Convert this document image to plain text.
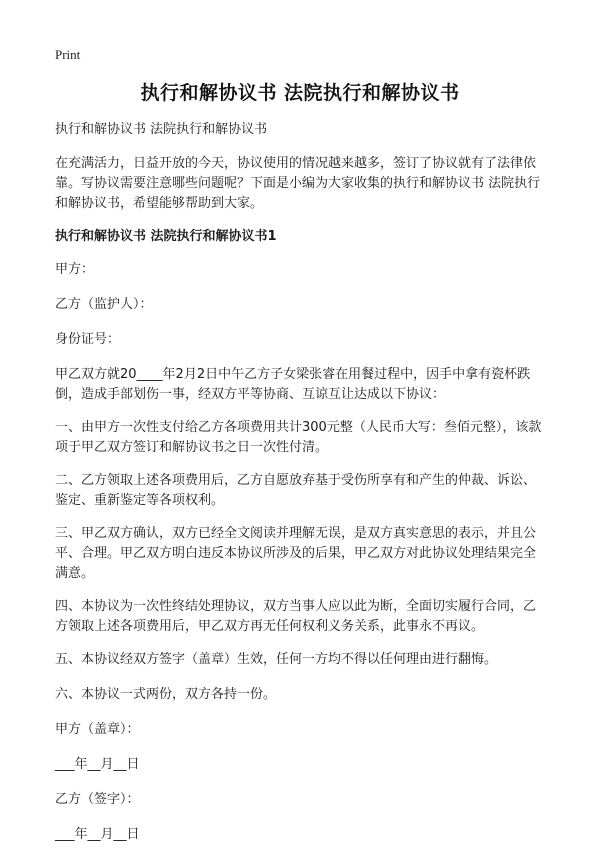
Print
执行和解协议书 法院执行和解协议书

执行和解协议书 法院执行和解协议书

在充满活力，日益开放的今天，协议使用的情况越来越多，签订了协议就有了法律依靠。写协议需要注意哪些问题呢？下面是小编为大家收集的执行和解协议书 法院执行和解协议书，希望能够帮助到大家。

执行和解协议书 法院执行和解协议书1

甲方：

乙方（监护人）：

身份证号：

甲乙双方就20____年2月2日中午乙方子女梁张睿在用餐过程中，因手中拿有瓷杯跌倒，造成手部划伤一事，经双方平等协商、互谅互让达成以下协议：

一、由甲方一次性支付给乙方各项费用共计300元整（人民币大写：叁佰元整），该款项于甲乙双方签订和解协议书之日一次性付清。

二、乙方领取上述各项费用后，乙方自愿放弃基于受伤所享有和产生的仲裁、诉讼、鉴定、重新鉴定等各项权利。

三、甲乙双方确认，双方已经全文阅读并理解无误，是双方真实意思的表示，并且公平、合理。甲乙双方明白违反本协议所涉及的后果，甲乙双方对此协议处理结果完全满意。

四、本协议为一次性终结处理协议，双方当事人应以此为断，全面切实履行合同，乙方领取上述各项费用后，甲乙双方再无任何权利义务关系，此事永不再议。

五、本协议经双方签字（盖章）生效，任何一方均不得以任何理由进行翻悔。

六、本协议一式两份，双方各持一份。

甲方（盖章）：

___年__月__日

乙方（签字）：

___年__月__日
